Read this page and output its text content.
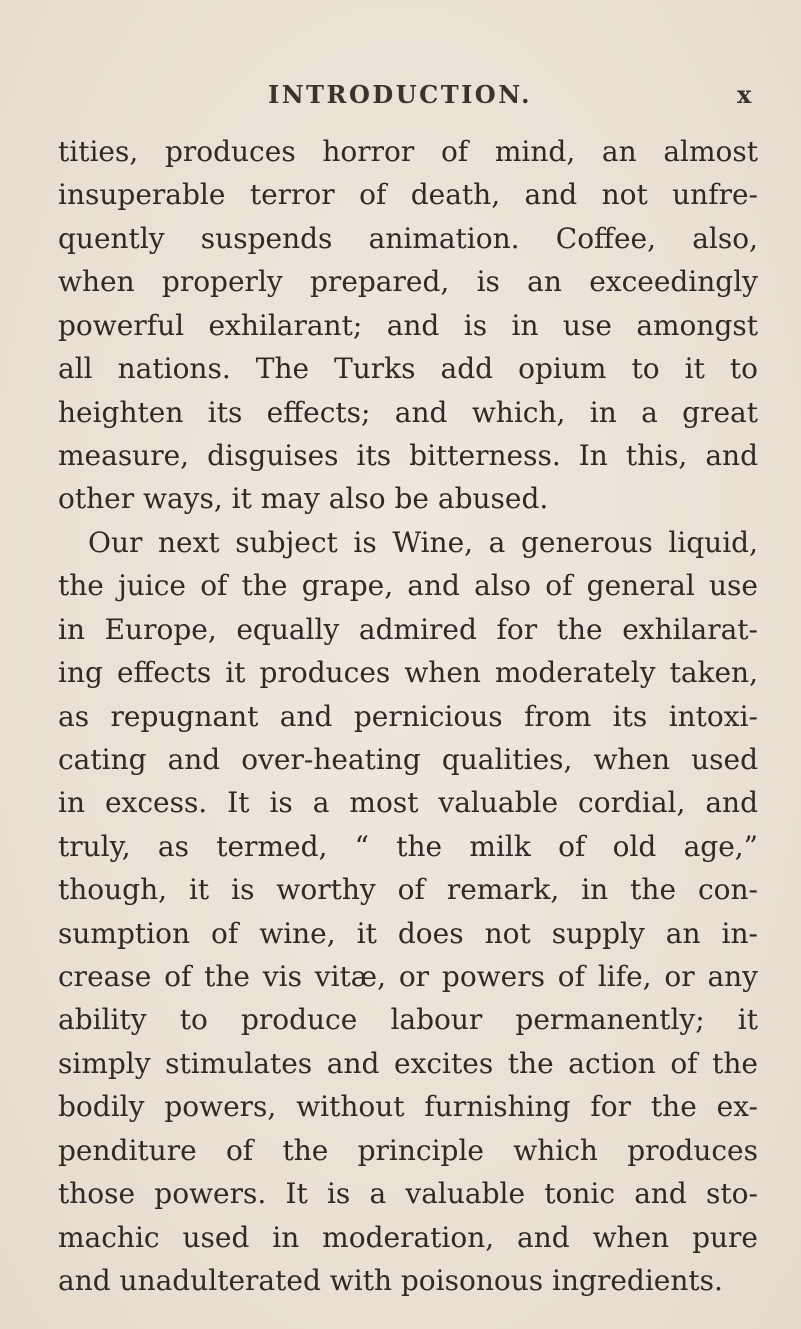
INTRODUCTION.	x
tities, produces horror of mind, an almost
insuperable terror of death, and not unfre-
quently suspends animation. Coffee, also,
when properly prepared, is an exceedingly
powerful exhilarant; and is in use amongst
all nations. The Turks add opium to it to
heighten its effects; and which, in a great
measure, disguises its bitterness. In this, and
other ways, it may also be abused.
Our next subject is Wine, a generous liquid,
the juice of the grape, and also of general use
in Europe, equally admired for the exhilarat-
ing effects it produces when moderately taken,
as repugnant and pernicious from its intoxi-
cating and over-heating qualities, when used
in excess. It is a most valuable cordial, and
truly, as termed, “ the milk of old age,”
though, it is worthy of remark, in the con-
sumption of wine, it does not supply an in-
crease of the vis vitæ, or powers of life, or any
ability to produce labour permanently; it
simply stimulates and excites the action of the
bodily powers, without furnishing for the ex-
penditure of the principle which produces
those powers. It is a valuable tonic and sto-
machic used in moderation, and when pure
and unadulterated with poisonous ingredients.
